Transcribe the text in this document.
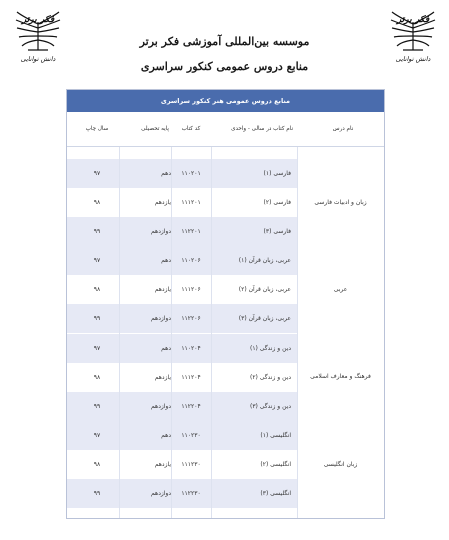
فکر برتر
دانش توانایی
فکر برتر
دانش توانایی
موسسه بین‌المللی آموزشی فکر برتر
منابع دروس عمومی کنکور سراسری
منابع دروس عمومی هنر کنکور سراسری
نام درس
نام کتاب در سالی - واحدی
کد کتاب
پایه تحصیلی
سال چاپ
فارسی (۱)
۱۱۰۲۰۱
دهم
۹۷
فارسی (۲)
۱۱۱۲۰۱
یازدهم
۹۸
فارسی (۳)
۱۱۲۲۰۱
دوازدهم
۹۹
زبان و ادبیات فارسی
عربی، زبان قرآن (۱)
۱۱۰۲۰۶
دهم
۹۷
عربی، زبان قرآن (۲)
۱۱۱۲۰۶
یازدهم
۹۸
عربی، زبان قرآن (۳)
۱۱۲۲۰۶
دوازدهم
۹۹
عربی
دین و زندگی (۱)
۱۱۰۲۰۴
دهم
۹۷
دین و زندگی (۲)
۱۱۱۲۰۴
یازدهم
۹۸
دین و زندگی (۳)
۱۱۲۲۰۴
دوازدهم
۹۹
فرهنگ و معارف اسلامی
انگلیسی (۱)
۱۱۰۲۳۰
دهم
۹۷
انگلیسی (۲)
۱۱۱۲۳۰
یازدهم
۹۸
انگلیسی (۳)
۱۱۲۲۳۰
دوازدهم
۹۹
زبان انگلیسی
